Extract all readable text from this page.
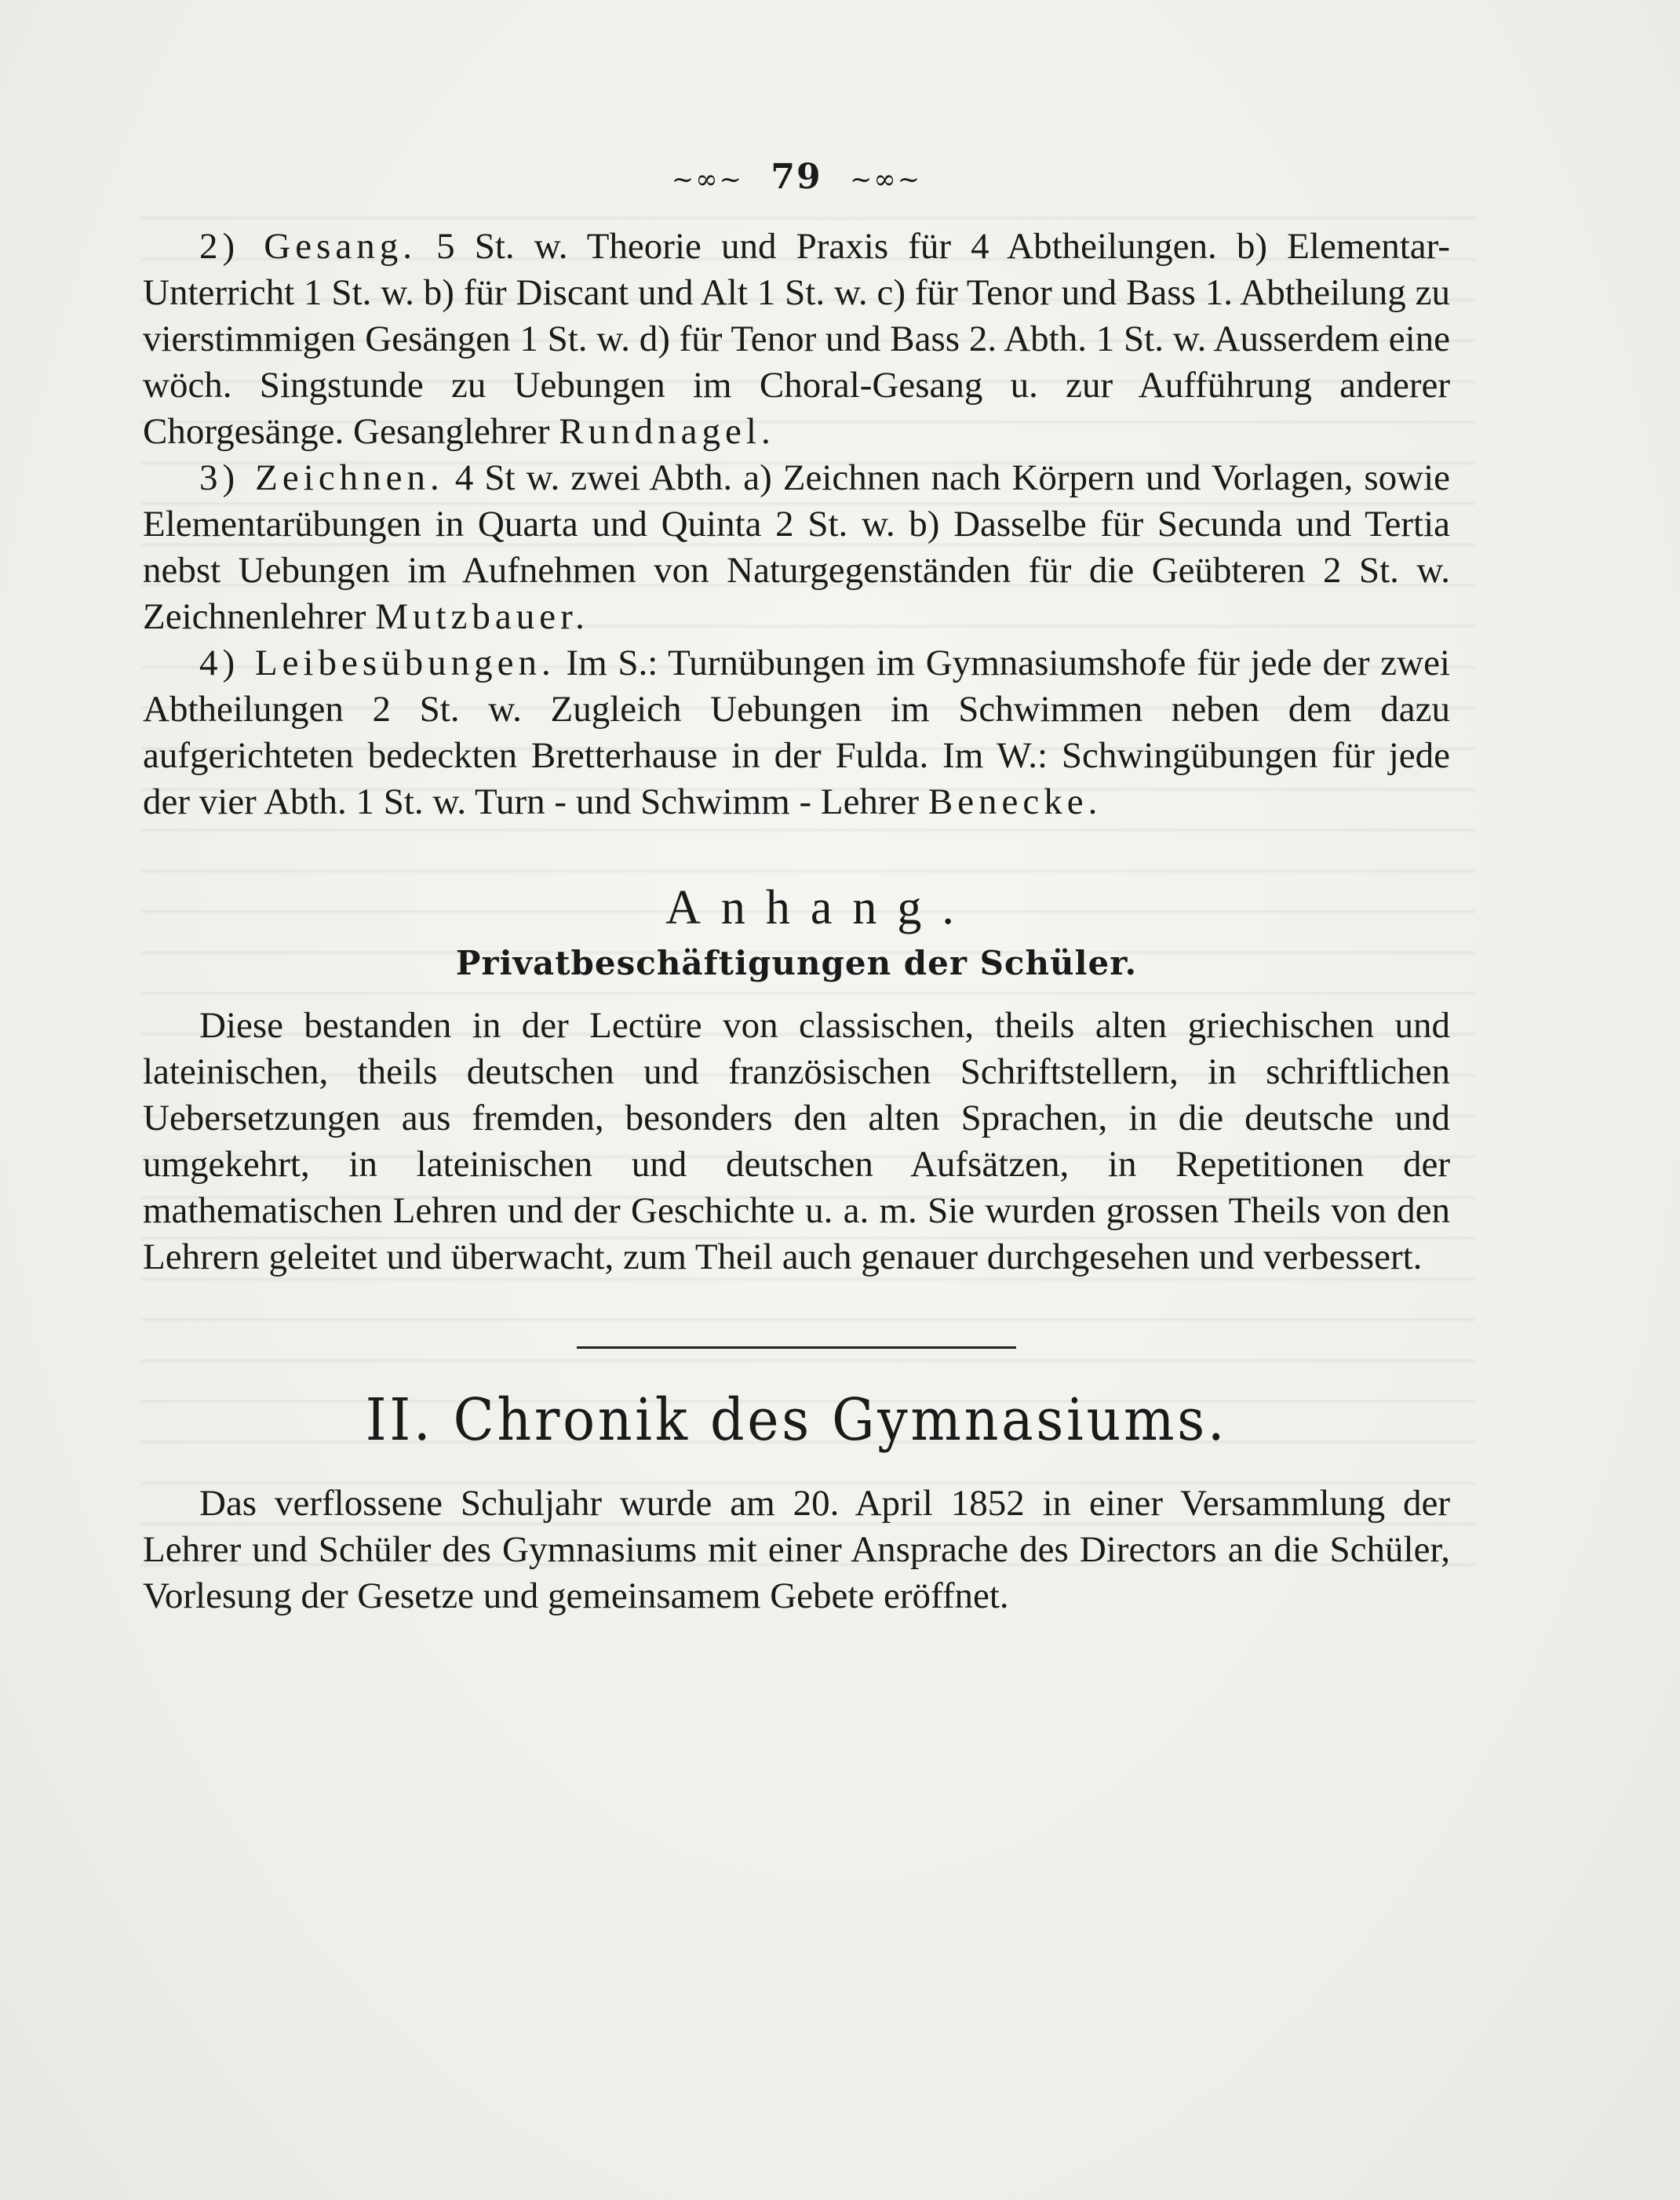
~∞~ 79 ~∞~

2) Gesang. 5 St. w. Theorie und Praxis für 4 Abtheilungen. b) Elementar-Unterricht 1 St. w. b) für Discant und Alt 1 St. w. c) für Tenor und Bass 1. Abtheilung zu vierstimmigen Gesängen 1 St. w. d) für Tenor und Bass 2. Abth. 1 St. w. Ausserdem eine wöch. Singstunde zu Uebungen im Choral-Gesang u. zur Aufführung anderer Chorgesänge. Gesanglehrer Rundnagel.

3) Zeichnen. 4 St w. zwei Abth. a) Zeichnen nach Körpern und Vorlagen, sowie Elementarübungen in Quarta und Quinta 2 St. w. b) Dasselbe für Secunda und Tertia nebst Uebungen im Aufnehmen von Naturgegenständen für die Geübteren 2 St. w. Zeichnenlehrer Mutzbauer.

4) Leibesübungen. Im S.: Turnübungen im Gymnasiumshofe für jede der zwei Abtheilungen 2 St. w. Zugleich Uebungen im Schwimmen neben dem dazu aufgerichteten bedeckten Bretterhause in der Fulda. Im W.: Schwingübungen für jede der vier Abth. 1 St. w. Turn - und Schwimm - Lehrer Benecke.

Anhang.
Privatbeschäftigungen der Schüler.

Diese bestanden in der Lectüre von classischen, theils alten griechischen und lateinischen, theils deutschen und französischen Schriftstellern, in schriftlichen Uebersetzungen aus fremden, besonders den alten Sprachen, in die deutsche und umgekehrt, in lateinischen und deutschen Aufsätzen, in Repetitionen der mathematischen Lehren und der Geschichte u. a. m. Sie wurden grossen Theils von den Lehrern geleitet und überwacht, zum Theil auch genauer durchgesehen und verbessert.

II. Chronik des Gymnasiums.

Das verflossene Schuljahr wurde am 20. April 1852 in einer Versammlung der Lehrer und Schüler des Gymnasiums mit einer Ansprache des Directors an die Schüler, Vorlesung der Gesetze und gemeinsamem Gebete eröffnet.
